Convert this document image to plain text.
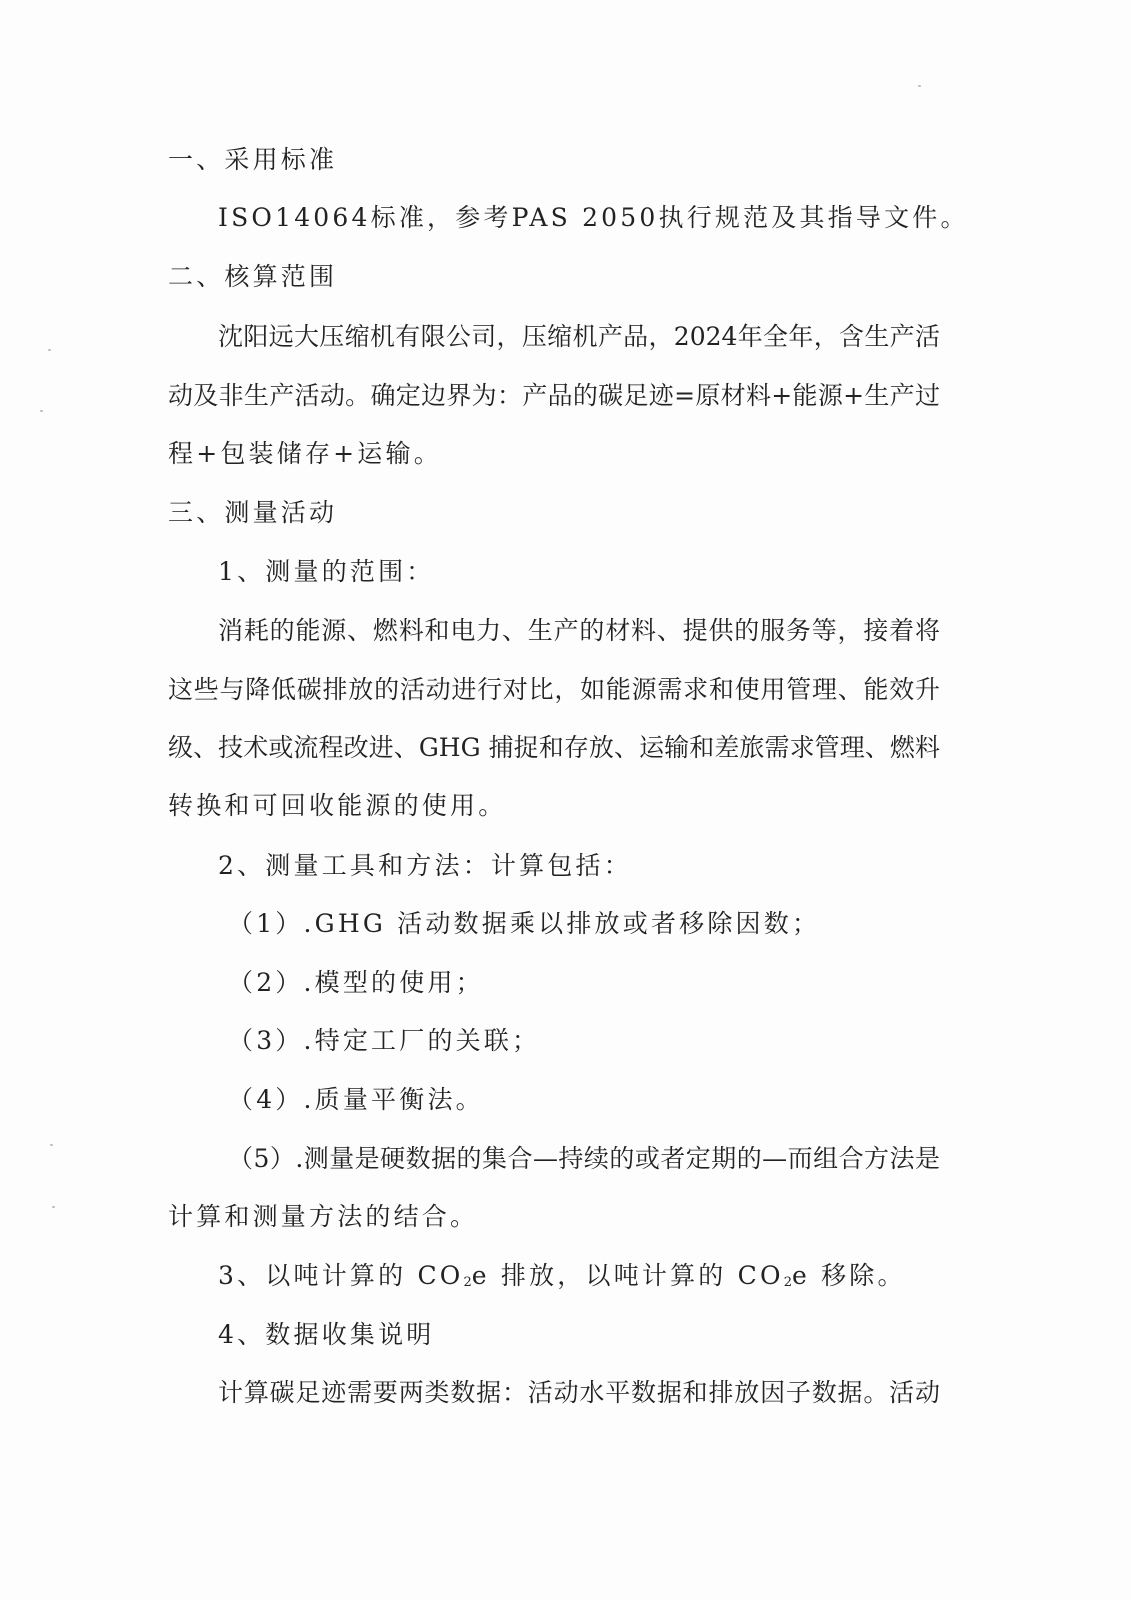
一、采用标准
ISO14064标准，参考PAS 2050执行规范及其指导文件。
二、核算范围
沈阳远大压缩机有限公司，压缩机产品，2024年全年，含生产活
动及非生产活动。确定边界为：产品的碳足迹=原材料+能源+生产过
程+包装储存+运输。
三、测量活动
1、测量的范围：
消耗的能源、燃料和电力、生产的材料、提供的服务等，接着将
这些与降低碳排放的活动进行对比，如能源需求和使用管理、能效升
级、技术或流程改进、GHG 捕捉和存放、运输和差旅需求管理、燃料
转换和可回收能源的使用。
2、测量工具和方法：计算包括：
（1）.GHG 活动数据乘以排放或者移除因数；
（2）.模型的使用；
（3）.特定工厂的关联；
（4）.质量平衡法。
（5）.测量是硬数据的集合—持续的或者定期的—而组合方法是
计算和测量方法的结合。
3、以吨计算的 $CO_2e$ 排放，以吨计算的 $CO_2e$ 移除。
4、数据收集说明
计算碳足迹需要两类数据：活动水平数据和排放因子数据。活动
